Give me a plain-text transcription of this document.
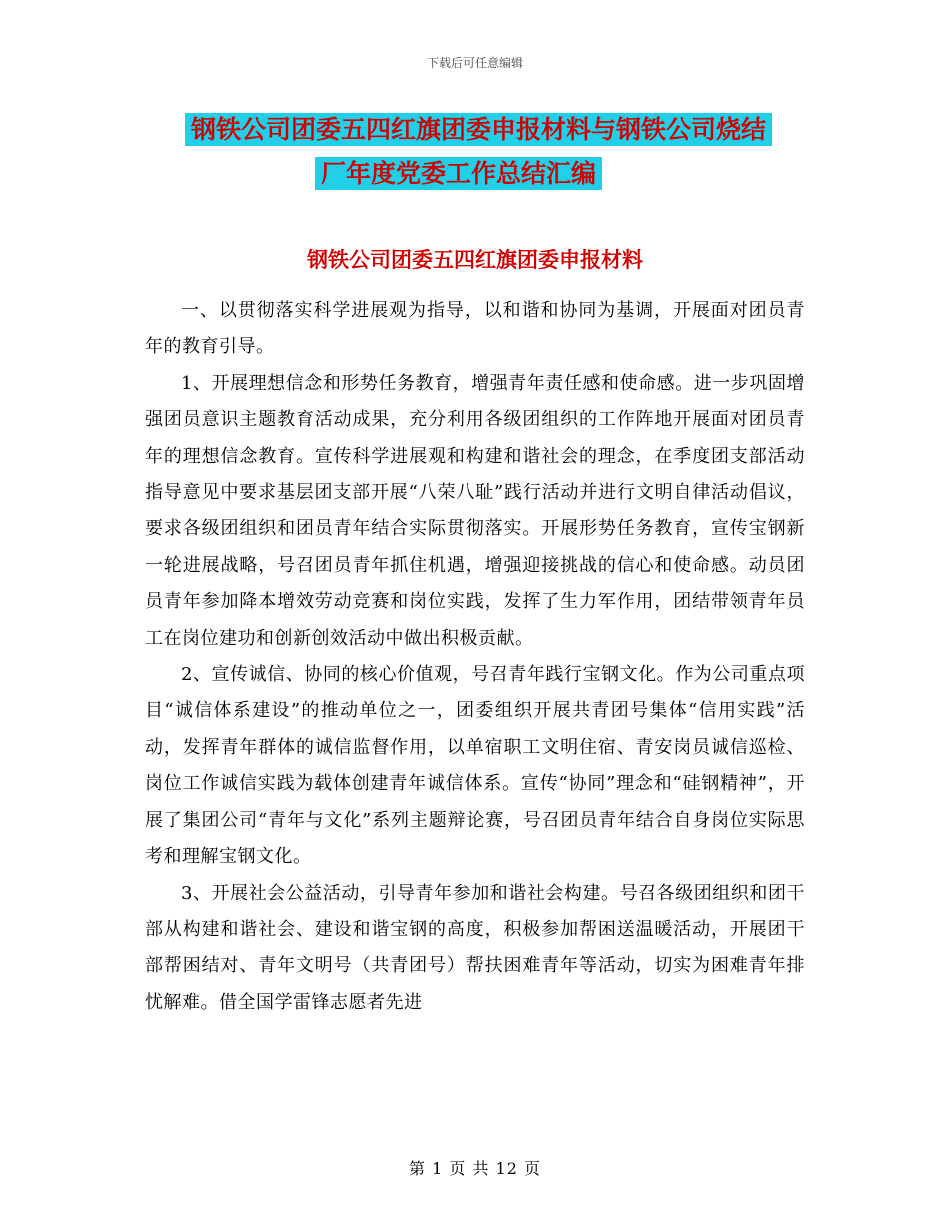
下载后可任意编辑
钢铁公司团委五四红旗团委申报材料与钢铁公司烧结
厂年度党委工作总结汇编
钢铁公司团委五四红旗团委申报材料

一、以贯彻落实科学进展观为指导，以和谐和协同为基调，开展面对团员青年的教育引导。

1、开展理想信念和形势任务教育，增强青年责任感和使命感。进一步巩固增强团员意识主题教育活动成果，充分利用各级团组织的工作阵地开展面对团员青年的理想信念教育。宣传科学进展观和构建和谐社会的理念，在季度团支部活动指导意见中要求基层团支部开展“八荣八耻”践行活动并进行文明自律活动倡议，要求各级团组织和团员青年结合实际贯彻落实。开展形势任务教育，宣传宝钢新一轮进展战略，号召团员青年抓住机遇，增强迎接挑战的信心和使命感。动员团员青年参加降本增效劳动竞赛和岗位实践，发挥了生力军作用，团结带领青年员工在岗位建功和创新创效活动中做出积极贡献。

2、宣传诚信、协同的核心价值观，号召青年践行宝钢文化。作为公司重点项目“诚信体系建设”的推动单位之一，团委组织开展共青团号集体“信用实践”活动，发挥青年群体的诚信监督作用，以单宿职工文明住宿、青安岗员诚信巡检、岗位工作诚信实践为载体创建青年诚信体系。宣传“协同”理念和“硅钢精神”，开展了集团公司“青年与文化”系列主题辩论赛，号召团员青年结合自身岗位实际思考和理解宝钢文化。

3、开展社会公益活动，引导青年参加和谐社会构建。号召各级团组织和团干部从构建和谐社会、建设和谐宝钢的高度，积极参加帮困送温暖活动，开展团干部帮困结对、青年文明号（共青团号）帮扶困难青年等活动，切实为困难青年排忧解难。借全国学雷锋志愿者先进

第 1 页 共 12 页
